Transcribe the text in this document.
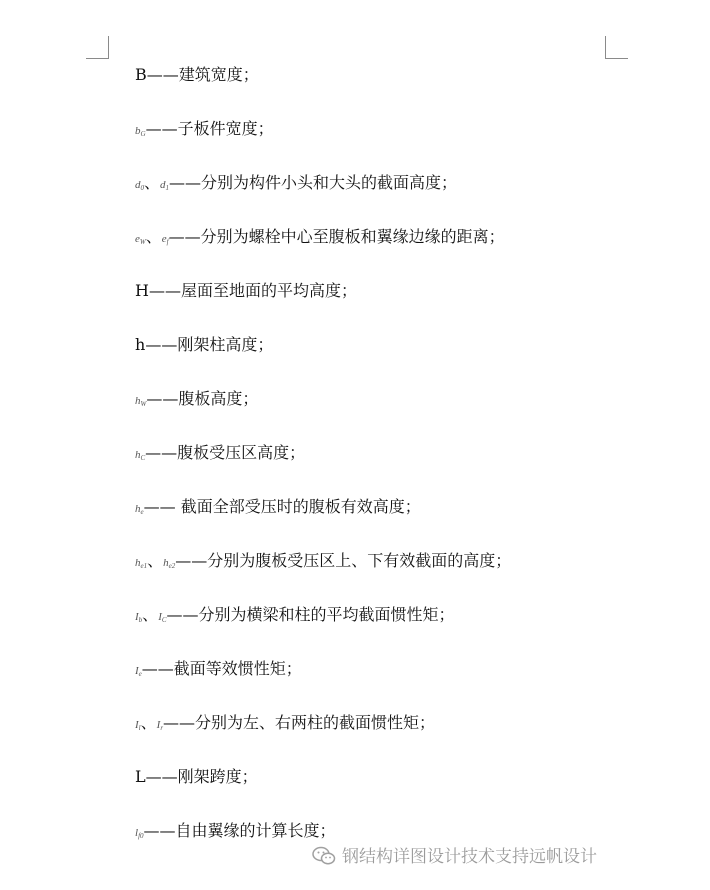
B——建筑宽度；
$b_G——$子板件宽度；
$d_0$、$d_1——$分别为构件小头和大头的截面高度；
$e_W$、$e_f——$分别为螺栓中心至腹板和翼缘边缘的距离；
H——屋面至地面的平均高度；
h——刚架柱高度；
$h_W——$腹板高度；
$h_C——$腹板受压区高度；
$h_e——$ 截面全部受压时的腹板有效高度；
$h_{e1}$、$h_{e2}——$分别为腹板受压区上、下有效截面的高度；
$I_b$、$I_C——$分别为横梁和柱的平均截面惯性矩；
$I_e——$截面等效惯性矩；
$I_l$、$I_r——$分别为左、右两柱的截面惯性矩；
L——刚架跨度；
$l_{f0}——$自由翼缘的计算长度；
钢结构详图设计技术支持远帆设计
